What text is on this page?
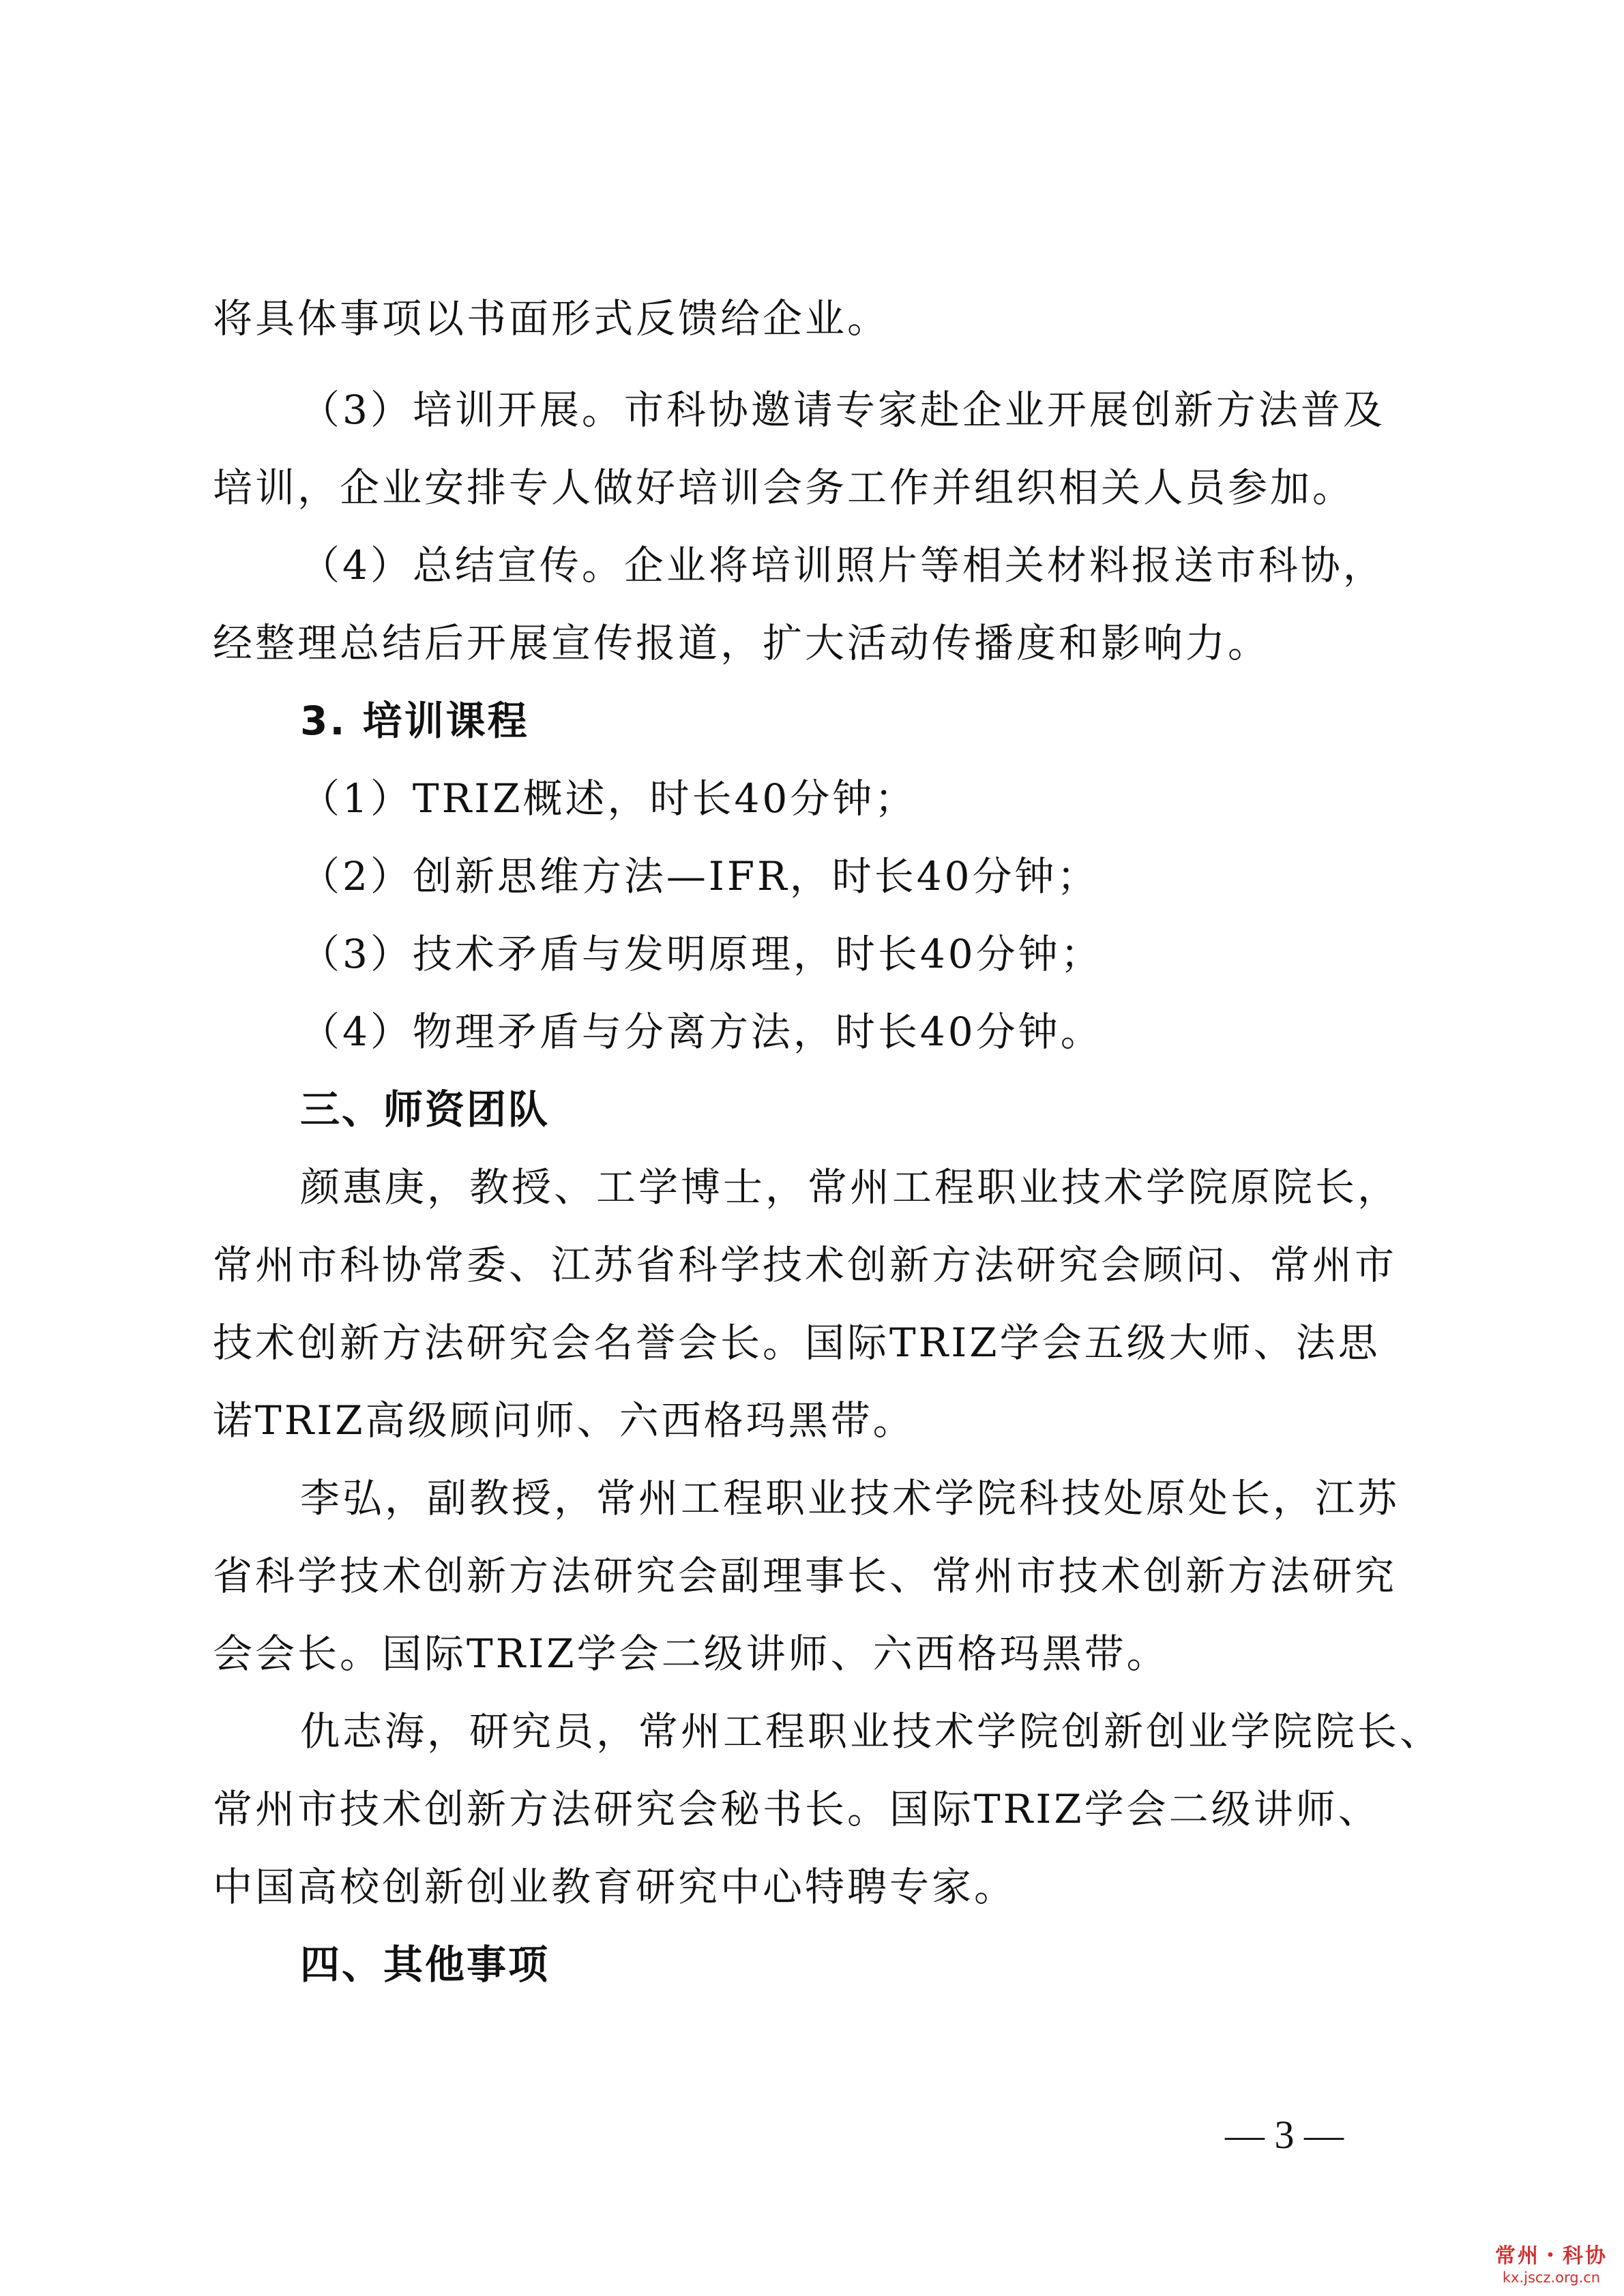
将具体事项以书面形式反馈给企业。
（3）培训开展。市科协邀请专家赴企业开展创新方法普及
培训，企业安排专人做好培训会务工作并组织相关人员参加。
（4）总结宣传。企业将培训照片等相关材料报送市科协，
经整理总结后开展宣传报道，扩大活动传播度和影响力。
3. 培训课程
（1）TRIZ概述，时长40分钟；
（2）创新思维方法—IFR，时长40分钟；
（3）技术矛盾与发明原理，时长40分钟；
（4）物理矛盾与分离方法，时长40分钟。
三、师资团队
颜惠庚，教授、工学博士，常州工程职业技术学院原院长，
常州市科协常委、江苏省科学技术创新方法研究会顾问、常州市
技术创新方法研究会名誉会长。国际TRIZ学会五级大师、法思
诺TRIZ高级顾问师、六西格玛黑带。
李弘，副教授，常州工程职业技术学院科技处原处长，江苏
省科学技术创新方法研究会副理事长、常州市技术创新方法研究
会会长。国际TRIZ学会二级讲师、六西格玛黑带。
仇志海，研究员，常州工程职业技术学院创新创业学院院长、
常州市技术创新方法研究会秘书长。国际TRIZ学会二级讲师、
中国高校创新创业教育研究中心特聘专家。
四、其他事项
— 3 —
常州・科协
kx.jscz.org.cn
